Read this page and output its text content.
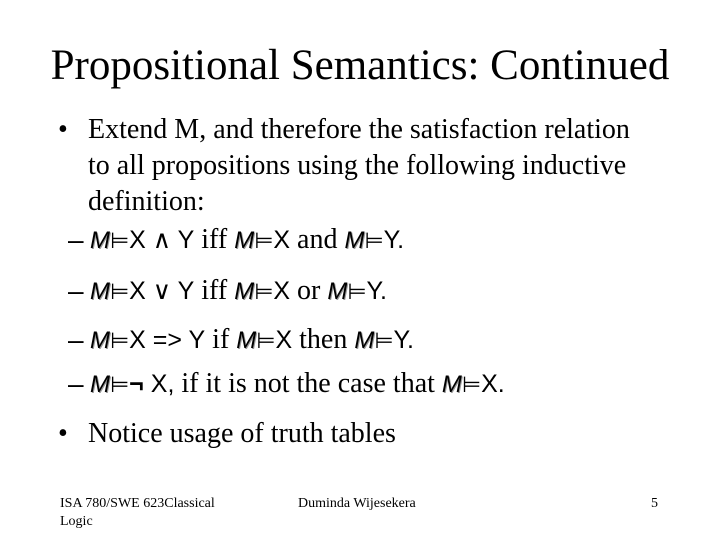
Propositional Semantics: Continued
• Extend M, and therefore the satisfaction relation to all propositions using the following inductive definition:
– M⊨X ∧ Y iff M⊨X and M⊨Y.
– M⊨X ∨ Y iff M⊨X or M⊨Y.
– M⊨X => Y if M⊨X then M⊨Y.
– M⊨¬ X, if it is not the case that M⊨X.
• Notice usage of truth tables
ISA 780/SWE 623Classical Logic
Duminda Wijesekera	5
